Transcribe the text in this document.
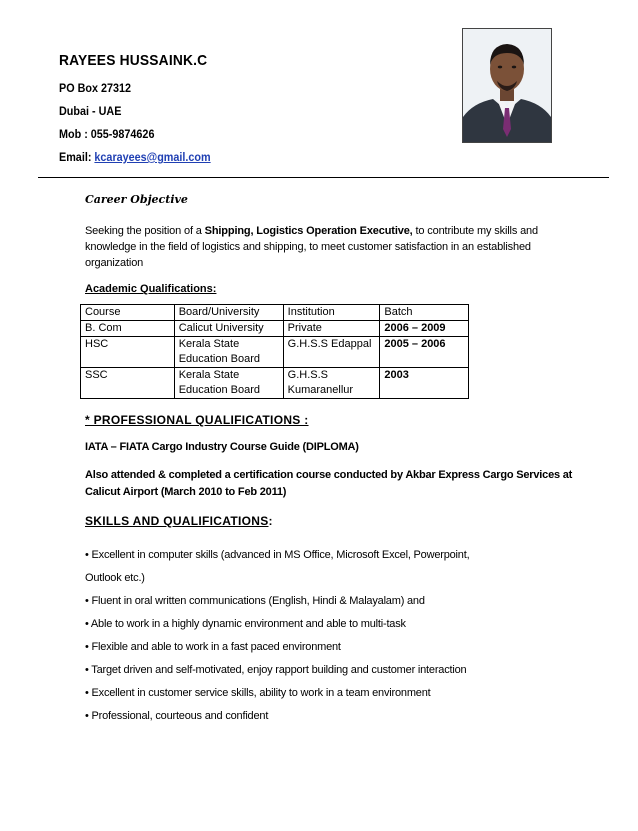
RAYEES HUSSAINK.C
PO Box 27312
Dubai - UAE
Mob : 055-9874626
Email: kcarayees@gmail.com
Career Objective

Seeking the position of a Shipping, Logistics Operation Executive, to contribute my skills and knowledge in the field of logistics and shipping, to meet customer satisfaction in an established organization

Academic Qualifications:
Course	Board/University	Institution	Batch
B. Com	Calicut University	Private	2006 – 2009
HSC	Kerala State Education Board	G.H.S.S Edappal	2005 – 2006
SSC	Kerala State Education Board	G.H.S.S Kumaranellur	2003
* PROFESSIONAL QUALIFICATIONS :
IATA – FIATA Cargo Industry Course Guide (DIPLOMA)
Also attended & completed a certification course conducted by Akbar Express Cargo Services at Calicut Airport (March 2010 to Feb 2011)
SKILLS AND QUALIFICATIONS:
• Excellent in computer skills (advanced in MS Office, Microsoft Excel, Powerpoint,
Outlook etc.)
• Fluent in oral written communications (English, Hindi & Malayalam) and
• Able to work in a highly dynamic environment and able to multi-task
• Flexible and able to work in a fast paced environment
• Target driven and self-motivated, enjoy rapport building and customer interaction
• Excellent in customer service skills, ability to work in a team environment
• Professional, courteous and confident
